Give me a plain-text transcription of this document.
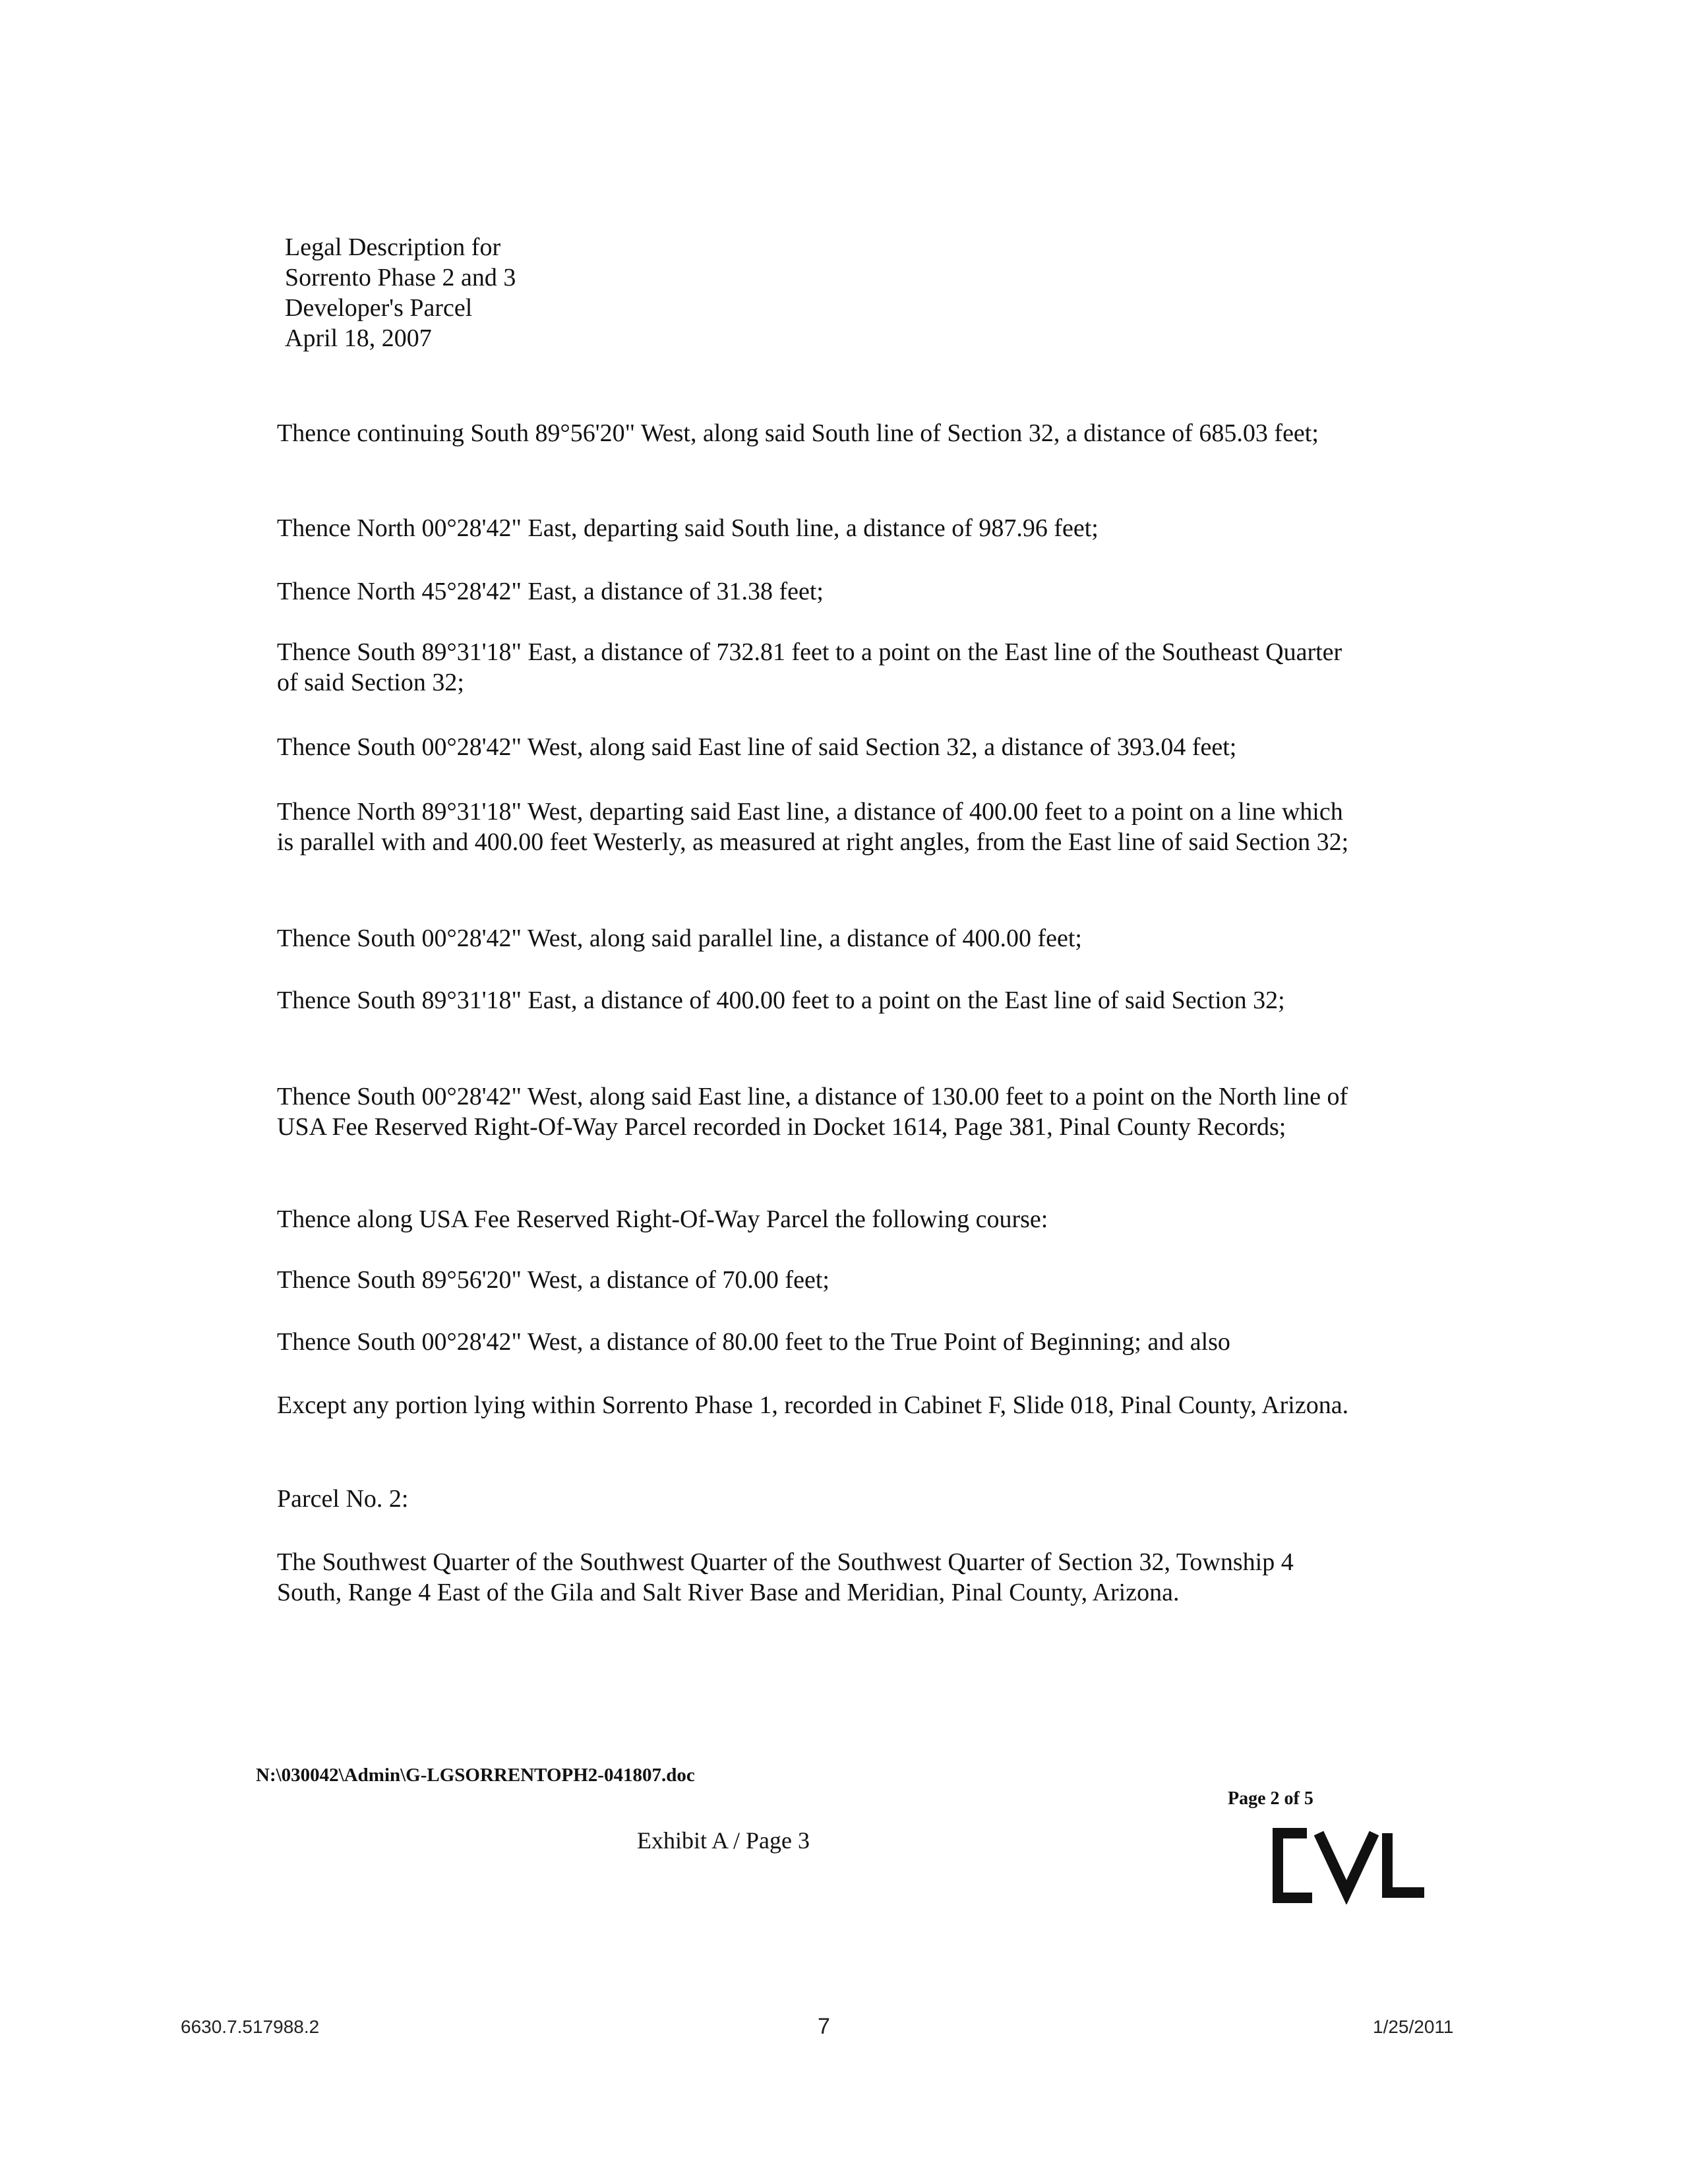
Legal Description for
Sorrento Phase 2 and 3
Developer's Parcel
April 18, 2007
Thence continuing South 89°56'20" West, along said South line of Section 32, a distance of 685.03 feet;
Thence North 00°28'42" East, departing said South line, a distance of 987.96 feet;
Thence North 45°28'42" East, a distance of 31.38 feet;
Thence South 89°31'18" East, a distance of 732.81 feet to a point on the East line of the Southeast Quarter of said Section 32;
Thence South 00°28'42" West, along said East line of said Section 32, a distance of 393.04 feet;
Thence North 89°31'18" West, departing said East line, a distance of 400.00 feet to a point on a line which is parallel with and 400.00 feet Westerly, as measured at right angles, from the East line of said Section 32;
Thence South 00°28'42" West, along said parallel line, a distance of 400.00 feet;
Thence South 89°31'18" East, a distance of 400.00 feet to a point on the East line of said Section 32;
Thence South 00°28'42" West, along said East line, a distance of 130.00 feet to a point on the North line of USA Fee Reserved Right-Of-Way Parcel recorded in Docket 1614, Page 381, Pinal County Records;
Thence along USA Fee Reserved Right-Of-Way Parcel the following course:
Thence South 89°56'20" West, a distance of 70.00 feet;
Thence South 00°28'42" West, a distance of 80.00 feet to the True Point of Beginning; and also
Except any portion lying within Sorrento Phase 1, recorded in Cabinet F, Slide 018, Pinal County, Arizona.
Parcel No. 2:
The Southwest Quarter of the Southwest Quarter of the Southwest Quarter of Section 32, Township 4 South, Range 4 East of the Gila and Salt River Base and Meridian, Pinal County, Arizona.
N:\030042\Admin\G-LGSORRENTOPH2-041807.doc
Page 2 of 5
Exhibit A / Page 3
6630.7.517988.2	7	1/25/2011
